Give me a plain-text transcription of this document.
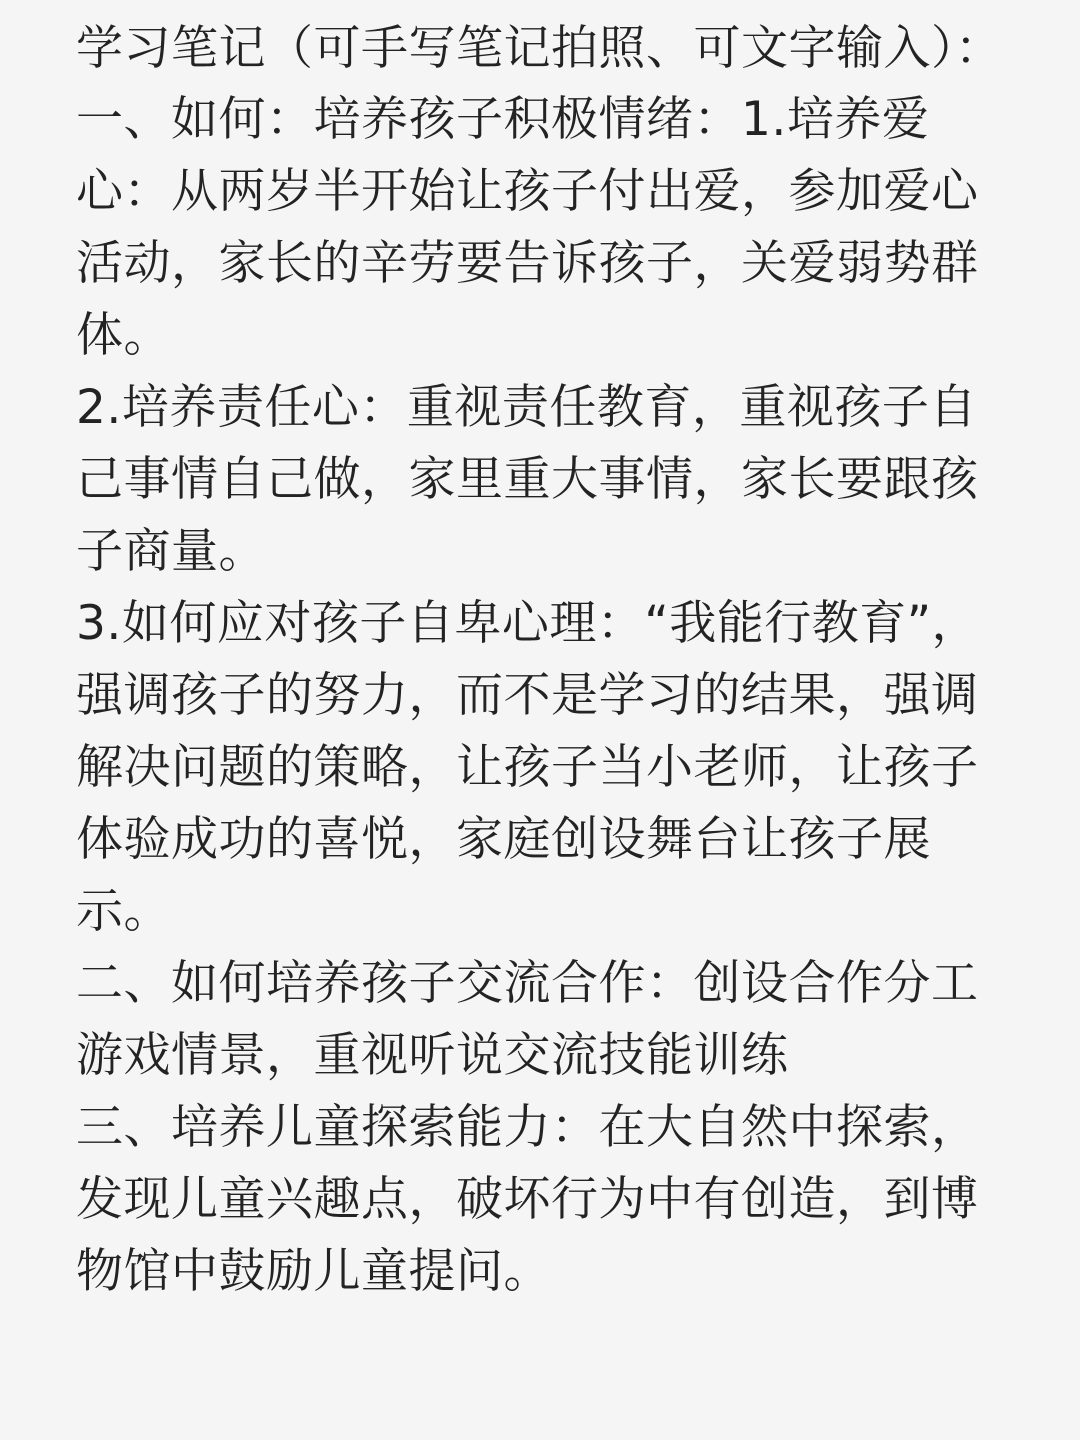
学习笔记（可手写笔记拍照、可文字输入）：

一、如何：培养孩子积极情绪：1.培养爱心：从两岁半开始让孩子付出爱，参加爱心活动，家长的辛劳要告诉孩子，关爱弱势群体。

2.培养责任心：重视责任教育，重视孩子自己事情自己做，家里重大事情，家长要跟孩子商量。

3.如何应对孩子自卑心理：“我能行教育”，强调孩子的努力，而不是学习的结果，强调解决问题的策略，让孩子当小老师，让孩子体验成功的喜悦，家庭创设舞台让孩子展示。

二、如何培养孩子交流合作：创设合作分工游戏情景，重视听说交流技能训练

三、培养儿童探索能力：在大自然中探索，发现儿童兴趣点，破坏行为中有创造，到博物馆中鼓励儿童提问。
